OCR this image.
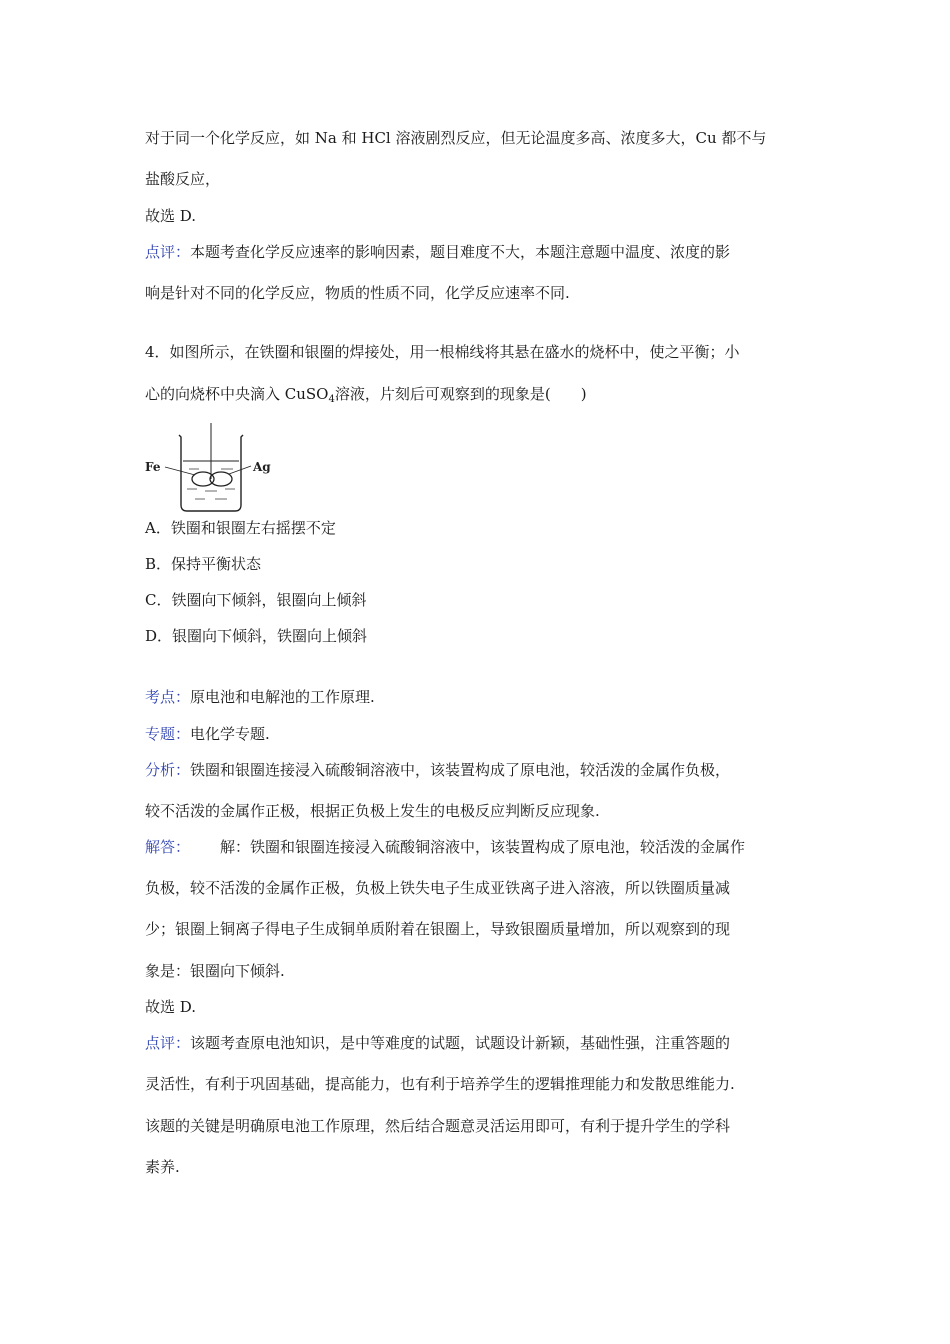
对于同一个化学反应，如 Na 和 HCl 溶液剧烈反应，但无论温度多高、浓度多大，Cu 都不与
盐酸反应，
故选 D.
点评：本题考查化学反应速率的影响因素，题目难度不大，本题注意题中温度、浓度的影
响是针对不同的化学反应，物质的性质不同，化学反应速率不同.
4．如图所示，在铁圈和银圈的焊接处，用一根棉线将其悬在盛水的烧杯中，使之平衡；小
心的向烧杯中央滴入 CuSO$_4$溶液，片刻后可观察到的现象是(　　)
Fe	Ag
A．铁圈和银圈左右摇摆不定
B．保持平衡状态
C．铁圈向下倾斜，银圈向上倾斜
D．银圈向下倾斜，铁圈向上倾斜
考点：原电池和电解池的工作原理.
专题：电化学专题.
分析：铁圈和银圈连接浸入硫酸铜溶液中，该装置构成了原电池，较活泼的金属作负极，
较不活泼的金属作正极，根据正负极上发生的电极反应判断反应现象.
解答： 解：铁圈和银圈连接浸入硫酸铜溶液中，该装置构成了原电池，较活泼的金属作
负极，较不活泼的金属作正极，负极上铁失电子生成亚铁离子进入溶液，所以铁圈质量减
少；银圈上铜离子得电子生成铜单质附着在银圈上，导致银圈质量增加，所以观察到的现
象是：银圈向下倾斜.
故选 D.
点评：该题考查原电池知识，是中等难度的试题，试题设计新颖，基础性强，注重答题的
灵活性，有利于巩固基础，提高能力，也有利于培养学生的逻辑推理能力和发散思维能力.
该题的关键是明确原电池工作原理，然后结合题意灵活运用即可，有利于提升学生的学科
素养.
